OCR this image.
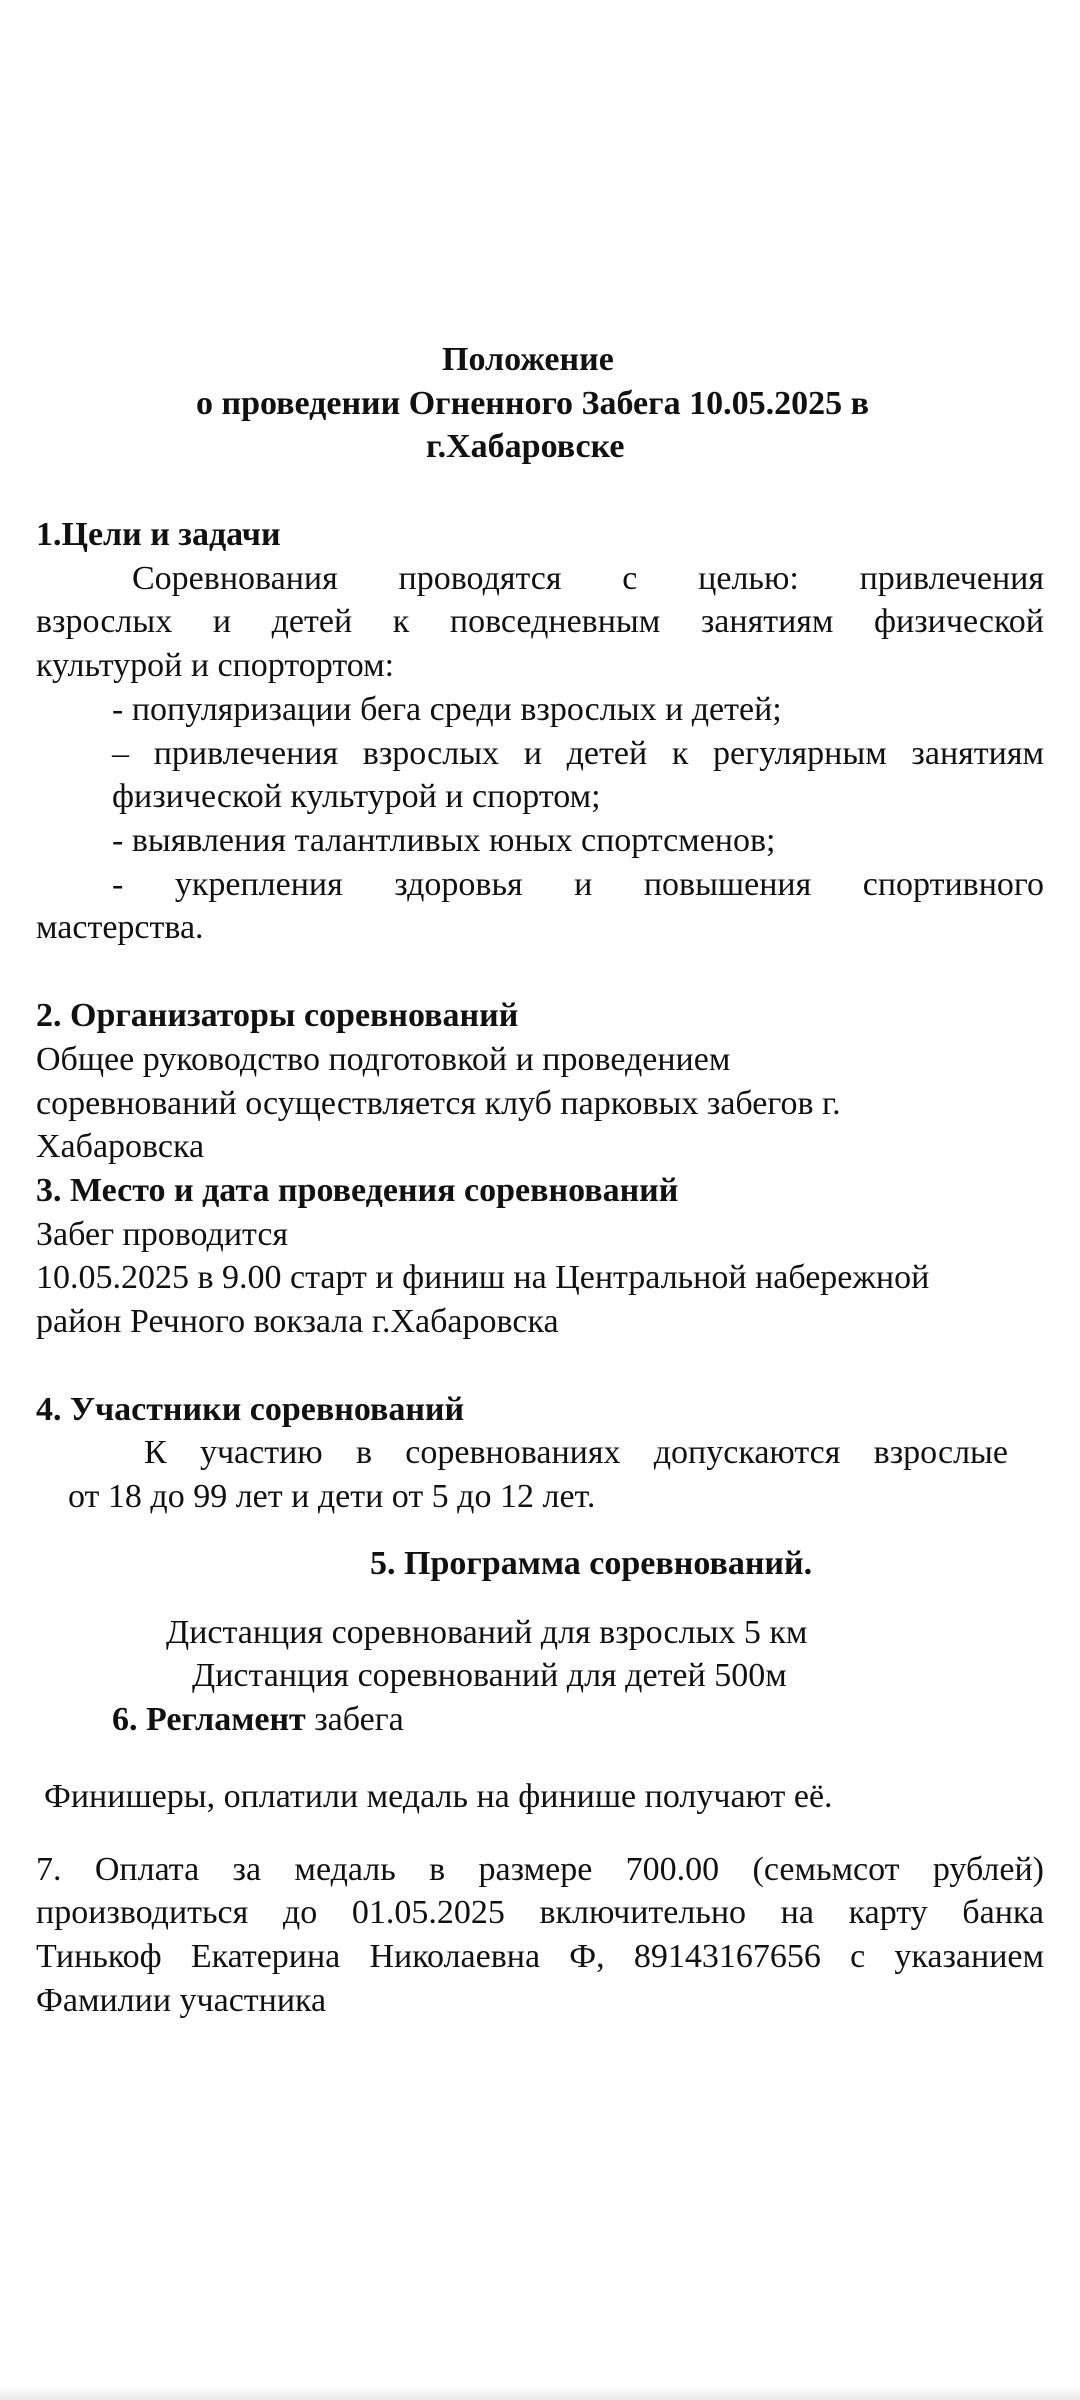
Положение
о проведении Огненного Забега 10.05.2025 в
г.Хабаровске
1.Цели и задачи
Соревнования проводятся с целью: привлечения
взрослых и детей к повседневным занятиям физической
культурой и спортортом:
- популяризации бега среди взрослых и детей;
– привлечения взрослых и детей к регулярным занятиям
физической культурой и спортом;
- выявления талантливых юных спортсменов;
- укрепления здоровья и повышения спортивного
мастерства.
2. Организаторы соревнований
Общее руководство подготовкой и проведением
соревнований осуществляется клуб парковых забегов г.
Хабаровска
3. Место и дата проведения соревнований
Забег проводится
10.05.2025 в 9.00 старт и финиш на Центральной набережной
район Речного вокзала г.Хабаровска
4. Участники соревнований
К участию в соревнованиях допускаются взрослые
от 18 до 99 лет и дети от 5 до 12 лет.
5. Программа соревнований.
Дистанция соревнований для взрослых 5 км
Дистанция соревнований для детей 500м
6. Регламент забега
Финишеры, оплатили медаль на финише получают её.
7. Оплата за медаль в размере 700.00 (семьмсот рублей)
производиться до 01.05.2025 включительно на карту банка
Тинькоф Екатерина Николаевна Ф, 89143167656 с указанием
Фамилии участника
